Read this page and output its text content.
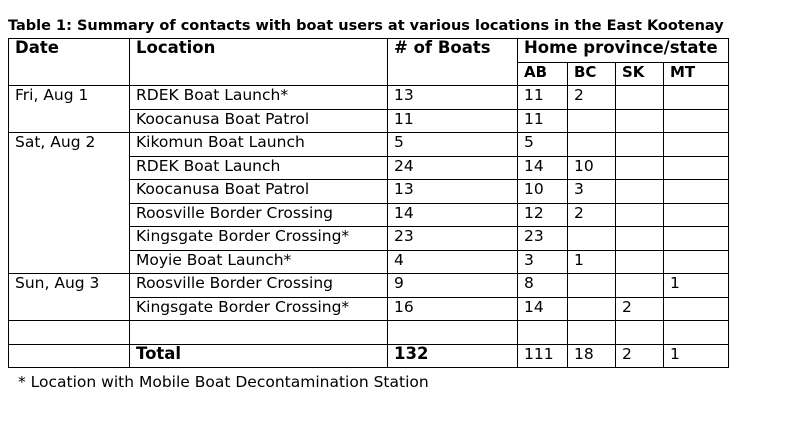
Table 1: Summary of contacts with boat users at various locations in the East Kootenay
Date	Location	# of Boats	Home province/state			
			AB	BC	SK	MT
Fri, Aug 1	RDEK Boat Launch*	13	11	2		
	Koocanusa Boat Patrol	11	11			
Sat, Aug 2	Kikomun Boat Launch	5	5			
	RDEK Boat Launch	24	14	10		
	Koocanusa Boat Patrol	13	10	3		
	Roosville Border Crossing	14	12	2		
	Kingsgate Border Crossing*	23	23			
	Moyie Boat Launch*	4	3	1		
Sun, Aug 3	Roosville Border Crossing	9	8			1
	Kingsgate Border Crossing*	16	14		2	

	Total	132	111	18	2	1
* Location with Mobile Boat Decontamination Station
